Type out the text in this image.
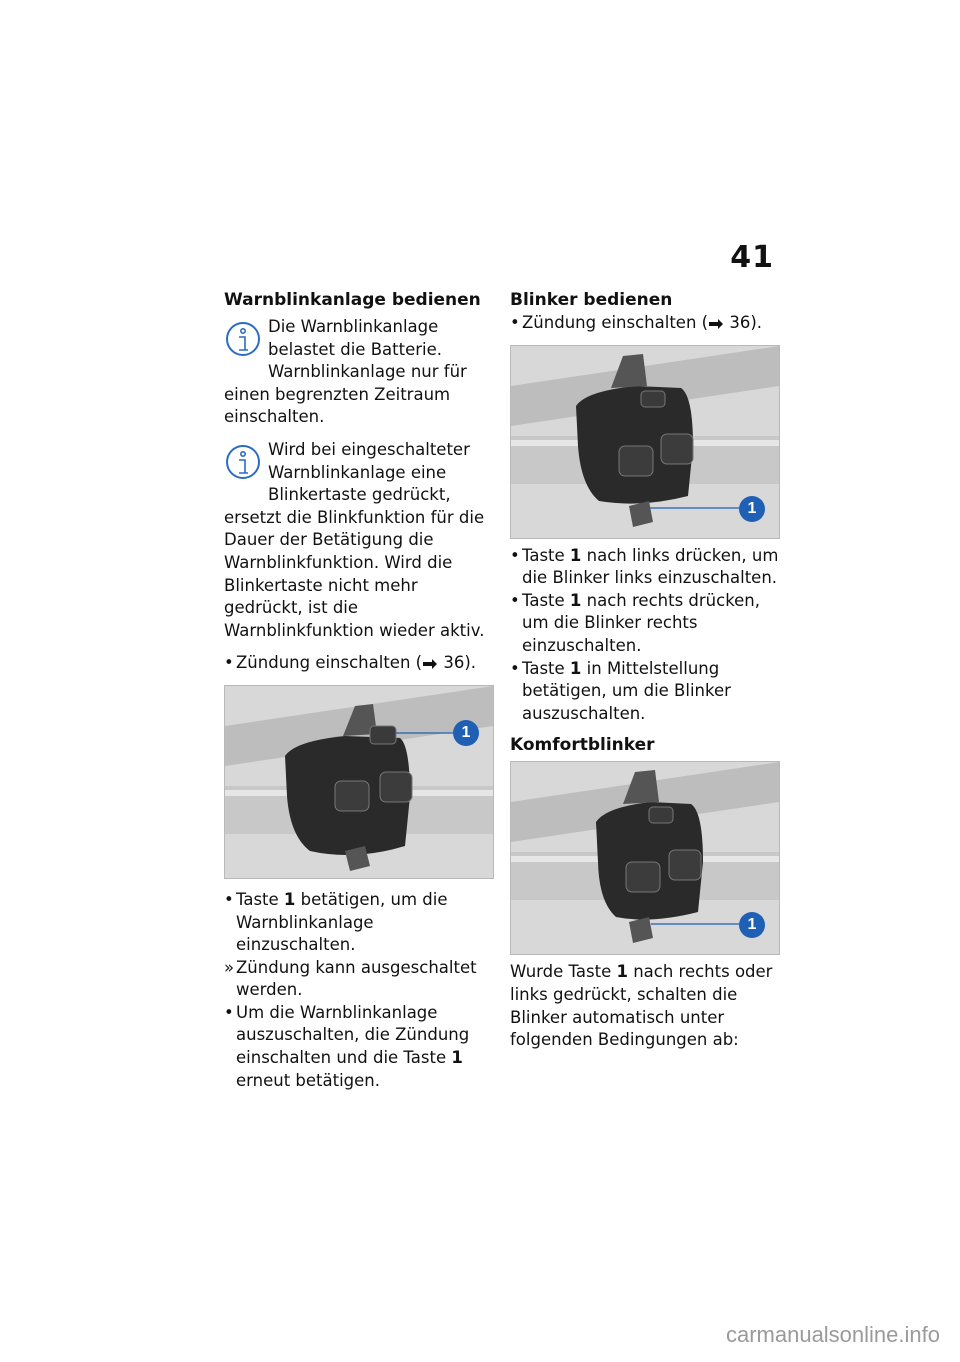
41
Warnblinkanlage bedienen

Die Warnblinkanlage belastet die Batterie. Warnblinkanlage nur für einen begrenzten Zeitraum einschalten.

Wird bei eingeschalteter Warnblinkanlage eine Blinkertaste gedrückt, ersetzt die Blinkfunktion für die Dauer der Betätigung die Warnblinkfunktion. Wird die Blinkertaste nicht mehr gedrückt, ist die Warnblinkfunktion wieder aktiv.

• Zündung einschalten ( 36).
1
• Taste 1 betätigen, um die Warnblinkanlage einzuschalten.
» Zündung kann ausgeschaltet werden.
• Um die Warnblinkanlage auszuschalten, die Zündung einschalten und die Taste 1 erneut betätigen.
Blinker bedienen
• Zündung einschalten ( 36).
1
• Taste 1 nach links drücken, um die Blinker links einzuschalten.
• Taste 1 nach rechts drücken, um die Blinker rechts einzuschalten.
• Taste 1 in Mittelstellung betätigen, um die Blinker auszuschalten.
Komfortblinker
1

Wurde Taste 1 nach rechts oder links gedrückt, schalten die Blinker automatisch unter folgenden Bedingungen ab:

carmanualsonline.info
